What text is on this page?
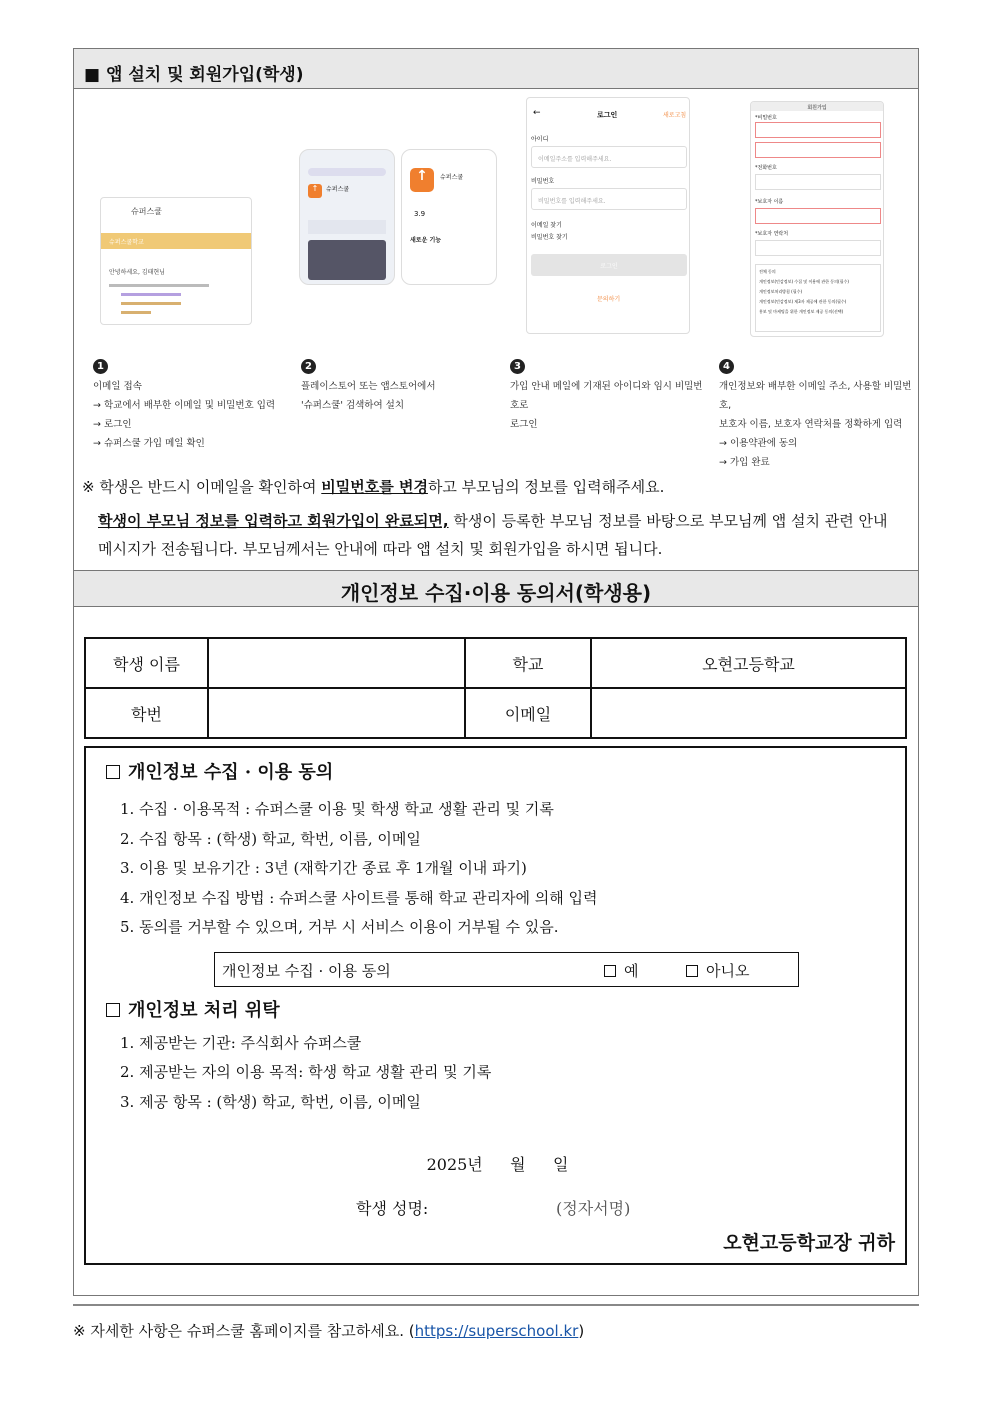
■ 앱 설치 및 회원가입(학생)
슈퍼스쿨
슈퍼스쿨학교
안녕하세요, 김태현님
↑	슈퍼스쿨
↑	슈퍼스쿨
3.9
새로운 기능
←	로그인	새로고침
아이디
이메일주소를 입력해주세요.
비밀번호
비밀번호를 입력해주세요.
이메일 찾기
비밀번호 찾기
로그인
문의하기
회원가입
*비밀번호
*전화번호
*보호자 이름
*보호자 연락처
전체 동의
개인정보(민감정보) 수집 및 이용에 관한 동의(필수)
개인정보처리방침 (필수)
개인정보(민감정보) 제3자 제공에 관한 동의(필수)
홍보 및 마케팅을 위한 개인정보 제공 동의(선택)
1
이메일 접속
→ 학교에서 배부한 이메일 및 비밀번호 입력
→ 로그인
→ 슈퍼스쿨 가입 메일 확인
2
플레이스토어 또는 앱스토어에서
'슈퍼스쿨' 검색하여 설치
3
가입 안내 메일에 기재된 아이디와 임시 비밀번호로
로그인
4
개인정보와 배부한 이메일 주소, 사용할 비밀번호,
보호자 이름, 보호자 연락처를 정확하게 입력
→ 이용약관에 동의
→ 가입 완료
※ 학생은 반드시 이메일을 확인하여 비밀번호를 변경하고 부모님의 정보를 입력해주세요.
학생이 부모님 정보를 입력하고 회원가입이 완료되면, 학생이 등록한 부모님 정보를 바탕으로 부모님께 앱 설치 관련 안내 메시지가 전송됩니다. 부모님께서는 안내에 따라 앱 설치 및 회원가입을 하시면 됩니다.
개인정보 수집·이용 동의서(학생용)
학생 이름		학교	오현고등학교
학번		이메일	
개인정보 수집 · 이용 동의
1. 수집 · 이용목적 : 슈퍼스쿨 이용 및 학생 학교 생활 관리 및 기록
2. 수집 항목 : (학생) 학교, 학번, 이름, 이메일
3. 이용 및 보유기간 : 3년 (재학기간 종료 후 1개월 이내 파기)
4. 개인정보 수집 방법 : 슈퍼스쿨 사이트를 통해 학교 관리자에 의해 입력
5. 동의를 거부할 수 있으며, 거부 시 서비스 이용이 거부될 수 있음.
개인정보 수집 · 이용 동의	예	아니오
개인정보 처리 위탁
1. 제공받는 기관: 주식회사 슈퍼스쿨
2. 제공받는 자의 이용 목적: 학생 학교 생활 관리 및 기록
3. 제공 항목 : (학생) 학교, 학번, 이름, 이메일
2025년 월 일
학생 성명:	(정자서명)
오현고등학교장 귀하
※ 자세한 사항은 슈퍼스쿨 홈페이지를 참고하세요. (https://superschool.kr)
